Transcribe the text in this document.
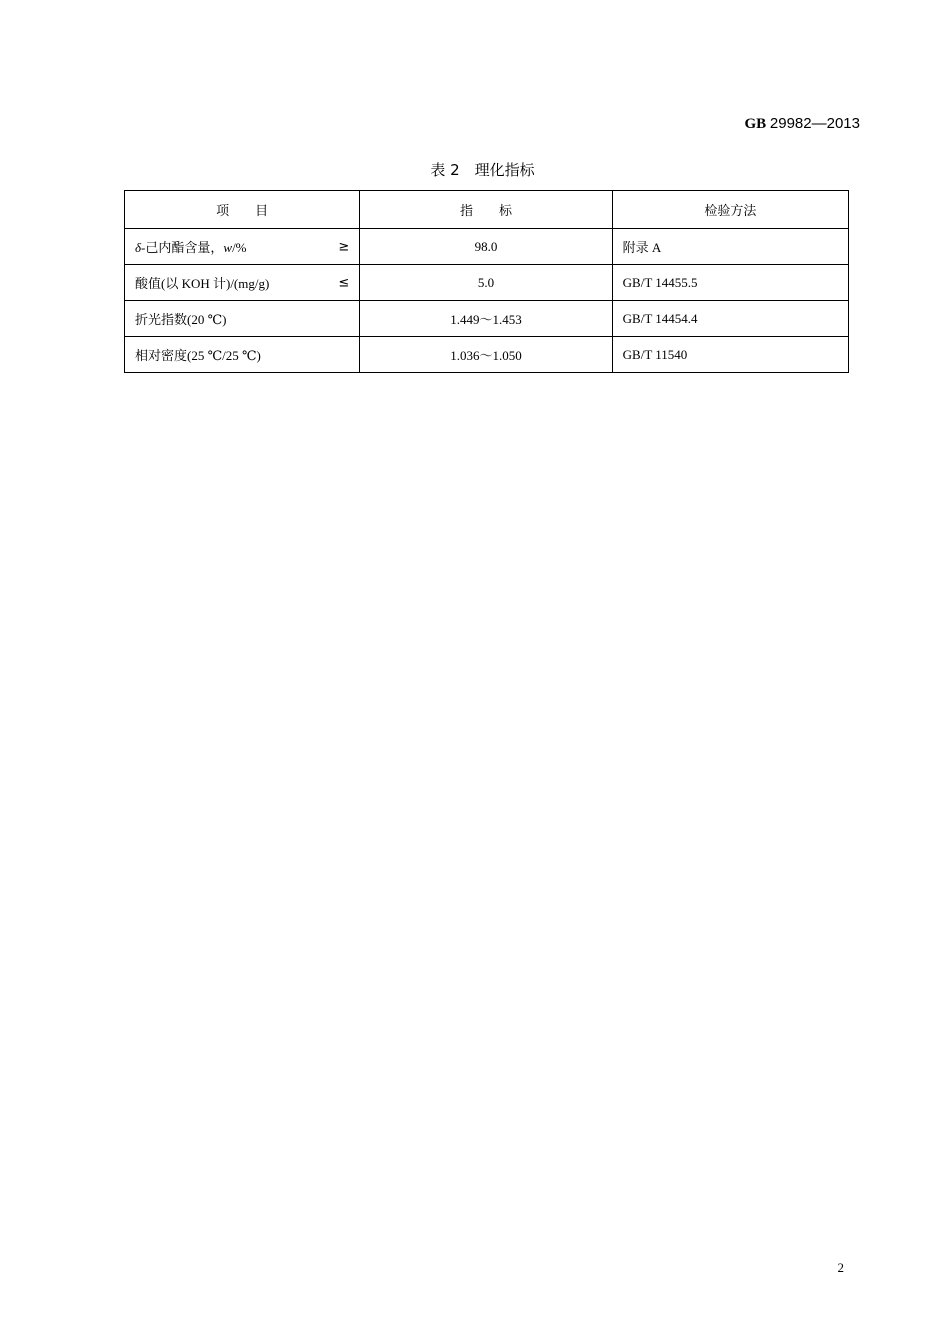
GB 29982—2013
表 2　理化指标
项　　目	指　　标	检验方法
δ-己内酯含量，w/% ≥	98.0	附录 A
酸值(以 KOH 计)/(mg/g) ≤	5.0	GB/T 14455.5
折光指数(20 ℃)	1.449～1.453	GB/T 14454.4
相对密度(25 ℃/25 ℃)	1.036～1.050	GB/T 11540
2
